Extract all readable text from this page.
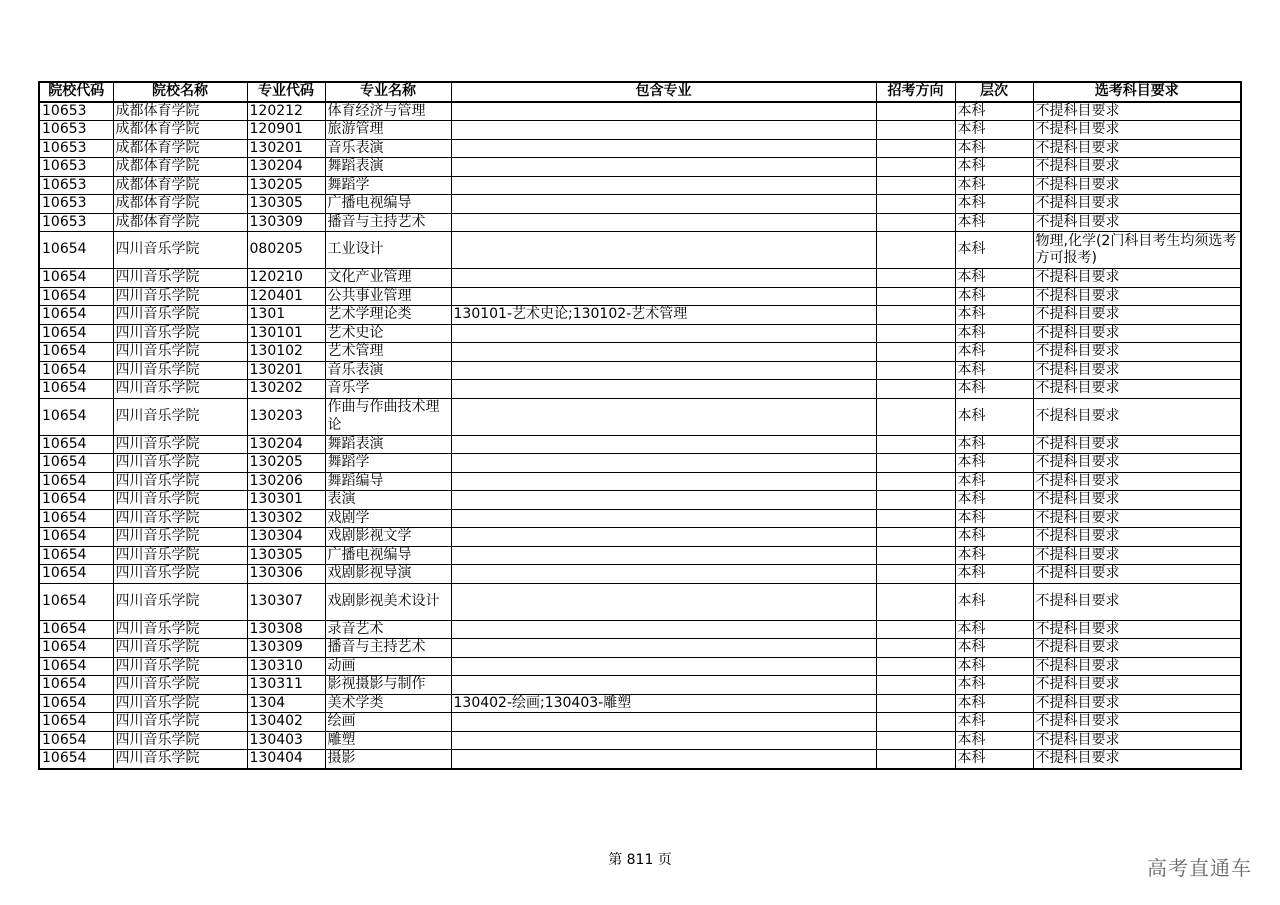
院校代码	院校名称	专业代码	专业名称	包含专业	招考方向	层次	选考科目要求
10653	成都体育学院	120212	体育经济与管理			本科	不提科目要求
10653	成都体育学院	120901	旅游管理			本科	不提科目要求
10653	成都体育学院	130201	音乐表演			本科	不提科目要求
10653	成都体育学院	130204	舞蹈表演			本科	不提科目要求
10653	成都体育学院	130205	舞蹈学			本科	不提科目要求
10653	成都体育学院	130305	广播电视编导			本科	不提科目要求
10653	成都体育学院	130309	播音与主持艺术			本科	不提科目要求
10654	四川音乐学院	080205	工业设计			本科	物理,化学(2门科目考生均须选考方可报考)
10654	四川音乐学院	120210	文化产业管理			本科	不提科目要求
10654	四川音乐学院	120401	公共事业管理			本科	不提科目要求
10654	四川音乐学院	1301	艺术学理论类	130101-艺术史论;130102-艺术管理		本科	不提科目要求
10654	四川音乐学院	130101	艺术史论			本科	不提科目要求
10654	四川音乐学院	130102	艺术管理			本科	不提科目要求
10654	四川音乐学院	130201	音乐表演			本科	不提科目要求
10654	四川音乐学院	130202	音乐学			本科	不提科目要求
10654	四川音乐学院	130203	作曲与作曲技术理论			本科	不提科目要求
10654	四川音乐学院	130204	舞蹈表演			本科	不提科目要求
10654	四川音乐学院	130205	舞蹈学			本科	不提科目要求
10654	四川音乐学院	130206	舞蹈编导			本科	不提科目要求
10654	四川音乐学院	130301	表演			本科	不提科目要求
10654	四川音乐学院	130302	戏剧学			本科	不提科目要求
10654	四川音乐学院	130304	戏剧影视文学			本科	不提科目要求
10654	四川音乐学院	130305	广播电视编导			本科	不提科目要求
10654	四川音乐学院	130306	戏剧影视导演			本科	不提科目要求
10654	四川音乐学院	130307	戏剧影视美术设计			本科	不提科目要求
10654	四川音乐学院	130308	录音艺术			本科	不提科目要求
10654	四川音乐学院	130309	播音与主持艺术			本科	不提科目要求
10654	四川音乐学院	130310	动画			本科	不提科目要求
10654	四川音乐学院	130311	影视摄影与制作			本科	不提科目要求
10654	四川音乐学院	1304	美术学类	130402-绘画;130403-雕塑		本科	不提科目要求
10654	四川音乐学院	130402	绘画			本科	不提科目要求
10654	四川音乐学院	130403	雕塑			本科	不提科目要求
10654	四川音乐学院	130404	摄影			本科	不提科目要求
第 811 页	高考直通车
